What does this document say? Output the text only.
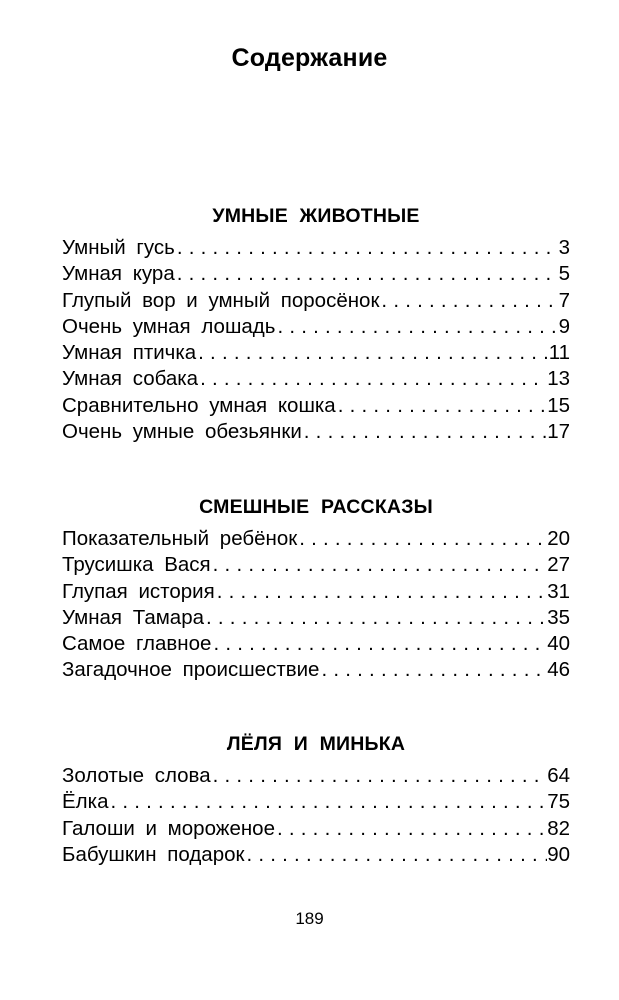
Содержание
УМНЫЕ ЖИВОТНЫЕ
Умный гусь .....	3
Умная кура .....	5
Глупый вор и умный поросёнок .....	7
Очень умная лошадь .....	9
Умная птичка .....	11
Умная собака .....	13
Сравнительно умная кошка .....	15
Очень умные обезьянки .....	17
СМЕШНЫЕ РАССКАЗЫ
Показательный ребёнок .....	20
Трусишка Вася .....	27
Глупая история .....	31
Умная Тамара .....	35
Самое главное .....	40
Загадочное происшествие .....	46
ЛЁЛЯ И МИНЬКА
Золотые слова .....	64
Ёлка .....	75
Галоши и мороженое .....	82
Бабушкин подарок .....	90
189
